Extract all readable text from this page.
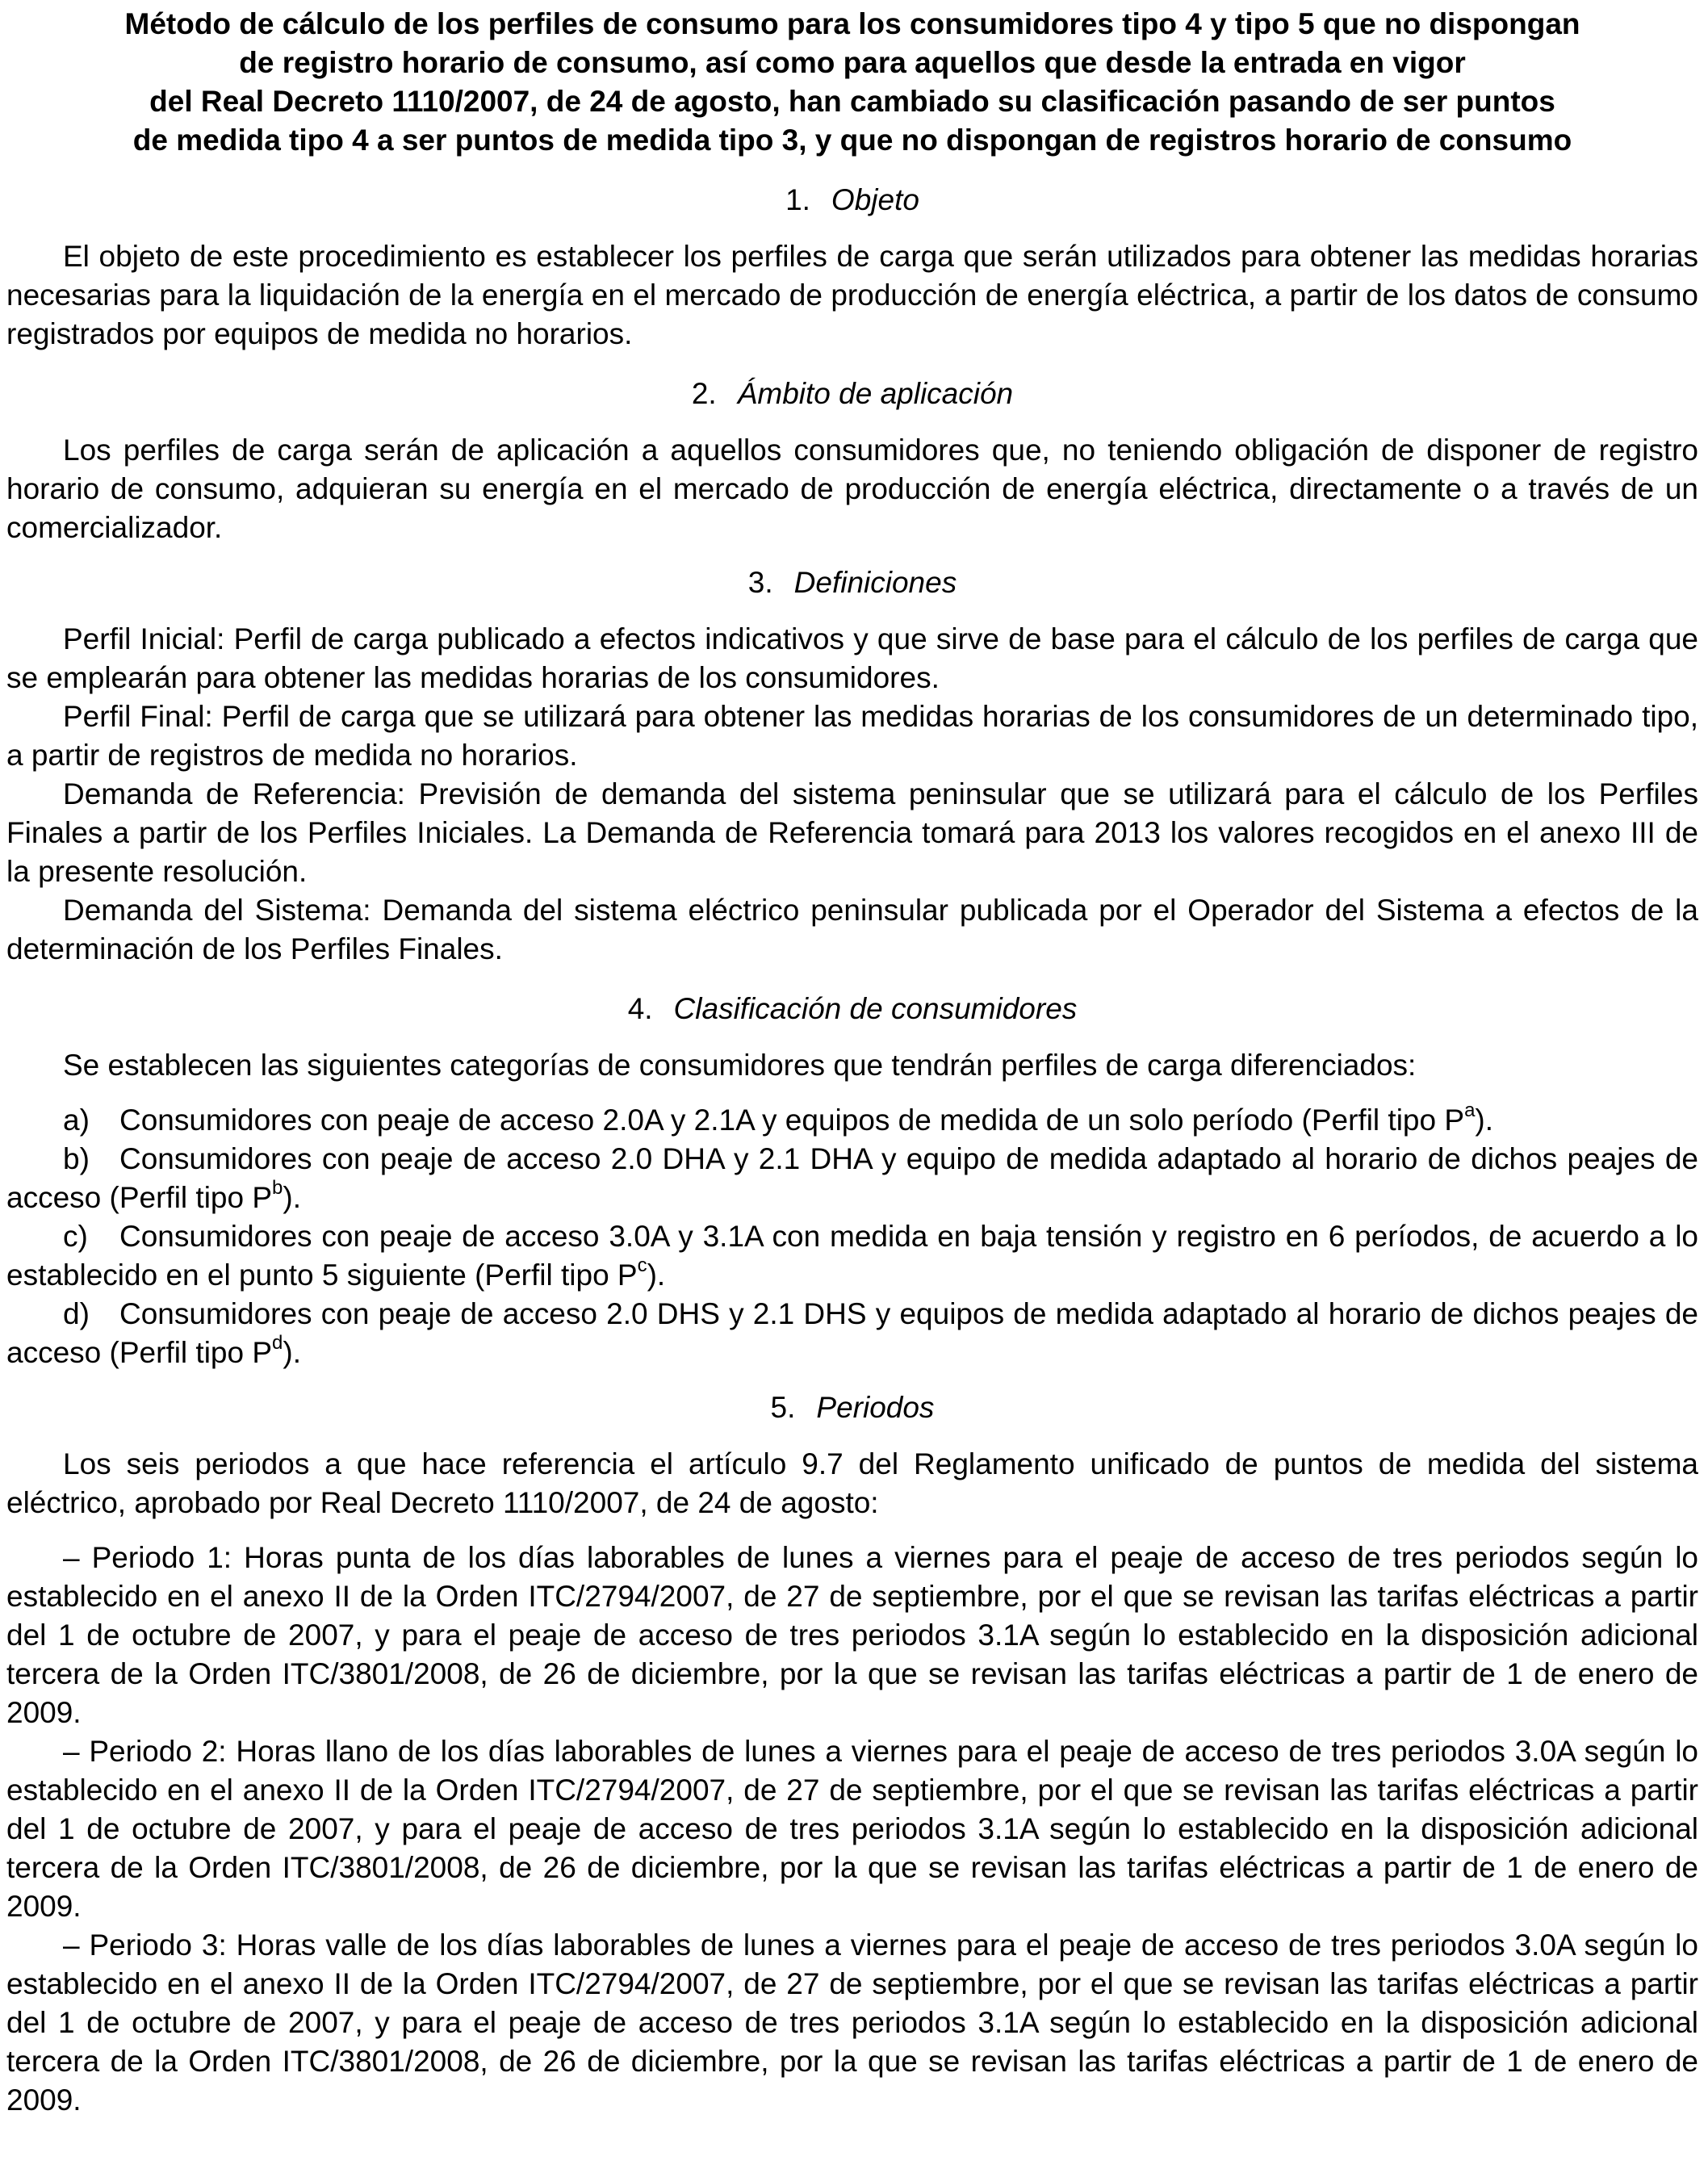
Método de cálculo de los perfiles de consumo para los consumidores tipo 4 y tipo 5 que no dispongan
de registro horario de consumo, así como para aquellos que desde la entrada en vigor
del Real Decreto 1110/2007, de 24 de agosto, han cambiado su clasificación pasando de ser puntos
de medida tipo 4 a ser puntos de medida tipo 3, y que no dispongan de registros horario de consumo
1. Objeto

El objeto de este procedimiento es establecer los perfiles de carga que serán utilizados para obtener las medidas horarias necesarias para la liquidación de la energía en el mercado de producción de energía eléctrica, a partir de los datos de consumo registrados por equipos de medida no horarios.

2. Ámbito de aplicación

Los perfiles de carga serán de aplicación a aquellos consumidores que, no teniendo obligación de disponer de registro horario de consumo, adquieran su energía en el mercado de producción de energía eléctrica, directamente o a través de un comercializador.

3. Definiciones

Perfil Inicial: Perfil de carga publicado a efectos indicativos y que sirve de base para el cálculo de los perfiles de carga que se emplearán para obtener las medidas horarias de los consumidores.

Perfil Final: Perfil de carga que se utilizará para obtener las medidas horarias de los consumidores de un determinado tipo, a partir de registros de medida no horarios.

Demanda de Referencia: Previsión de demanda del sistema peninsular que se utilizará para el cálculo de los Perfiles Finales a partir de los Perfiles Iniciales. La Demanda de Referencia tomará para 2013 los valores recogidos en el anexo III de la presente resolución.

Demanda del Sistema: Demanda del sistema eléctrico peninsular publicada por el Operador del Sistema a efectos de la determinación de los Perfiles Finales.

4. Clasificación de consumidores

Se establecen las siguientes categorías de consumidores que tendrán perfiles de carga diferenciados:

a) Consumidores con peaje de acceso 2.0A y 2.1A y equipos de medida de un solo período (Perfil tipo $P^a$).

b) Consumidores con peaje de acceso 2.0 DHA y 2.1 DHA y equipo de medida adaptado al horario de dichos peajes de acceso (Perfil tipo $P^b$).

c) Consumidores con peaje de acceso 3.0A y 3.1A con medida en baja tensión y registro en 6 períodos, de acuerdo a lo establecido en el punto 5 siguiente (Perfil tipo $P^c$).

d) Consumidores con peaje de acceso 2.0 DHS y 2.1 DHS y equipos de medida adaptado al horario de dichos peajes de acceso (Perfil tipo $P^d$).

5. Periodos

Los seis periodos a que hace referencia el artículo 9.7 del Reglamento unificado de puntos de medida del sistema eléctrico, aprobado por Real Decreto 1110/2007, de 24 de agosto:

– Periodo 1: Horas punta de los días laborables de lunes a viernes para el peaje de acceso de tres periodos según lo establecido en el anexo II de la Orden ITC/2794/2007, de 27 de septiembre, por el que se revisan las tarifas eléctricas a partir del 1 de octubre de 2007, y para el peaje de acceso de tres periodos 3.1A según lo establecido en la disposición adicional tercera de la Orden ITC/3801/2008, de 26 de diciembre, por la que se revisan las tarifas eléctricas a partir de 1 de enero de 2009.

– Periodo 2: Horas llano de los días laborables de lunes a viernes para el peaje de acceso de tres periodos 3.0A según lo establecido en el anexo II de la Orden ITC/2794/2007, de 27 de septiembre, por el que se revisan las tarifas eléctricas a partir del 1 de octubre de 2007, y para el peaje de acceso de tres periodos 3.1A según lo establecido en la disposición adicional tercera de la Orden ITC/3801/2008, de 26 de diciembre, por la que se revisan las tarifas eléctricas a partir de 1 de enero de 2009.

– Periodo 3: Horas valle de los días laborables de lunes a viernes para el peaje de acceso de tres periodos 3.0A según lo establecido en el anexo II de la Orden ITC/2794/2007, de 27 de septiembre, por el que se revisan las tarifas eléctricas a partir del 1 de octubre de 2007, y para el peaje de acceso de tres periodos 3.1A según lo establecido en la disposición adicional tercera de la Orden ITC/3801/2008, de 26 de diciembre, por la que se revisan las tarifas eléctricas a partir de 1 de enero de 2009.
